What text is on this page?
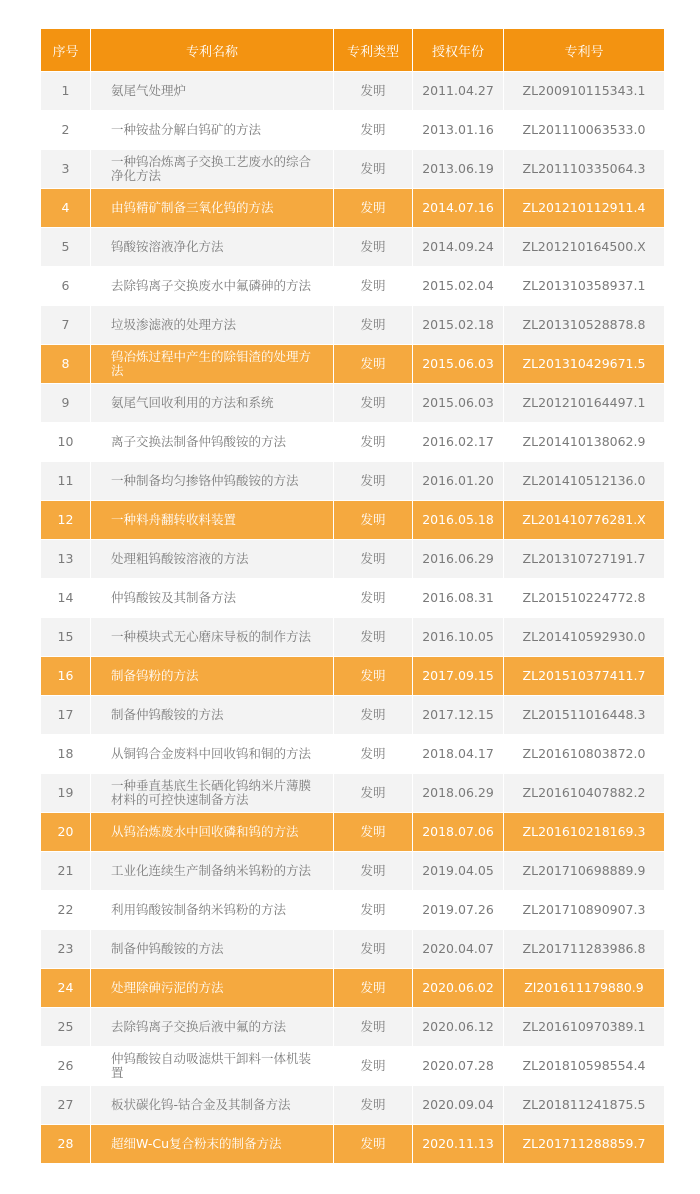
序号	专利名称	专利类型	授权年份	专利号
1	氨尾气处理炉	发明	2011.04.27	ZL200910115343.1
2	一种铵盐分解白钨矿的方法	发明	2013.01.16	ZL201110063533.0
3	一种钨冶炼离子交换工艺废水的综合净化方法	发明	2013.06.19	ZL201110335064.3
4	由钨精矿制备三氧化钨的方法	发明	2014.07.16	ZL201210112911.4
5	钨酸铵溶液净化方法	发明	2014.09.24	ZL201210164500.X
6	去除钨离子交换废水中氟磷砷的方法	发明	2015.02.04	ZL201310358937.1
7	垃圾渗滤液的处理方法	发明	2015.02.18	ZL201310528878.8
8	钨冶炼过程中产生的除钼渣的处理方法	发明	2015.06.03	ZL201310429671.5
9	氨尾气回收利用的方法和系统	发明	2015.06.03	ZL201210164497.1
10	离子交换法制备仲钨酸铵的方法	发明	2016.02.17	ZL201410138062.9
11	一种制备均匀掺铬仲钨酸铵的方法	发明	2016.01.20	ZL201410512136.0
12	一种料舟翻转收料装置	发明	2016.05.18	ZL201410776281.X
13	处理粗钨酸铵溶液的方法	发明	2016.06.29	ZL201310727191.7
14	仲钨酸铵及其制备方法	发明	2016.08.31	ZL201510224772.8
15	一种模块式无心磨床导板的制作方法	发明	2016.10.05	ZL201410592930.0
16	制备钨粉的方法	发明	2017.09.15	ZL201510377411.7
17	制备仲钨酸铵的方法	发明	2017.12.15	ZL201511016448.3
18	从铜钨合金废料中回收钨和铜的方法	发明	2018.04.17	ZL201610803872.0
19	一种垂直基底生长硒化钨纳米片薄膜材料的可控快速制备方法	发明	2018.06.29	ZL201610407882.2
20	从钨冶炼废水中回收磷和钨的方法	发明	2018.07.06	ZL201610218169.3
21	工业化连续生产制备纳米钨粉的方法	发明	2019.04.05	ZL201710698889.9
22	利用钨酸铵制备纳米钨粉的方法	发明	2019.07.26	ZL201710890907.3
23	制备仲钨酸铵的方法	发明	2020.04.07	ZL201711283986.8
24	处理除砷污泥的方法	发明	2020.06.02	Zl201611179880.9
25	去除钨离子交换后液中氟的方法	发明	2020.06.12	ZL201610970389.1
26	仲钨酸铵自动吸滤烘干卸料一体机装置	发明	2020.07.28	ZL201810598554.4
27	板状碳化钨-钴合金及其制备方法	发明	2020.09.04	ZL201811241875.5
28	超细W-Cu复合粉末的制备方法	发明	2020.11.13	ZL201711288859.7
